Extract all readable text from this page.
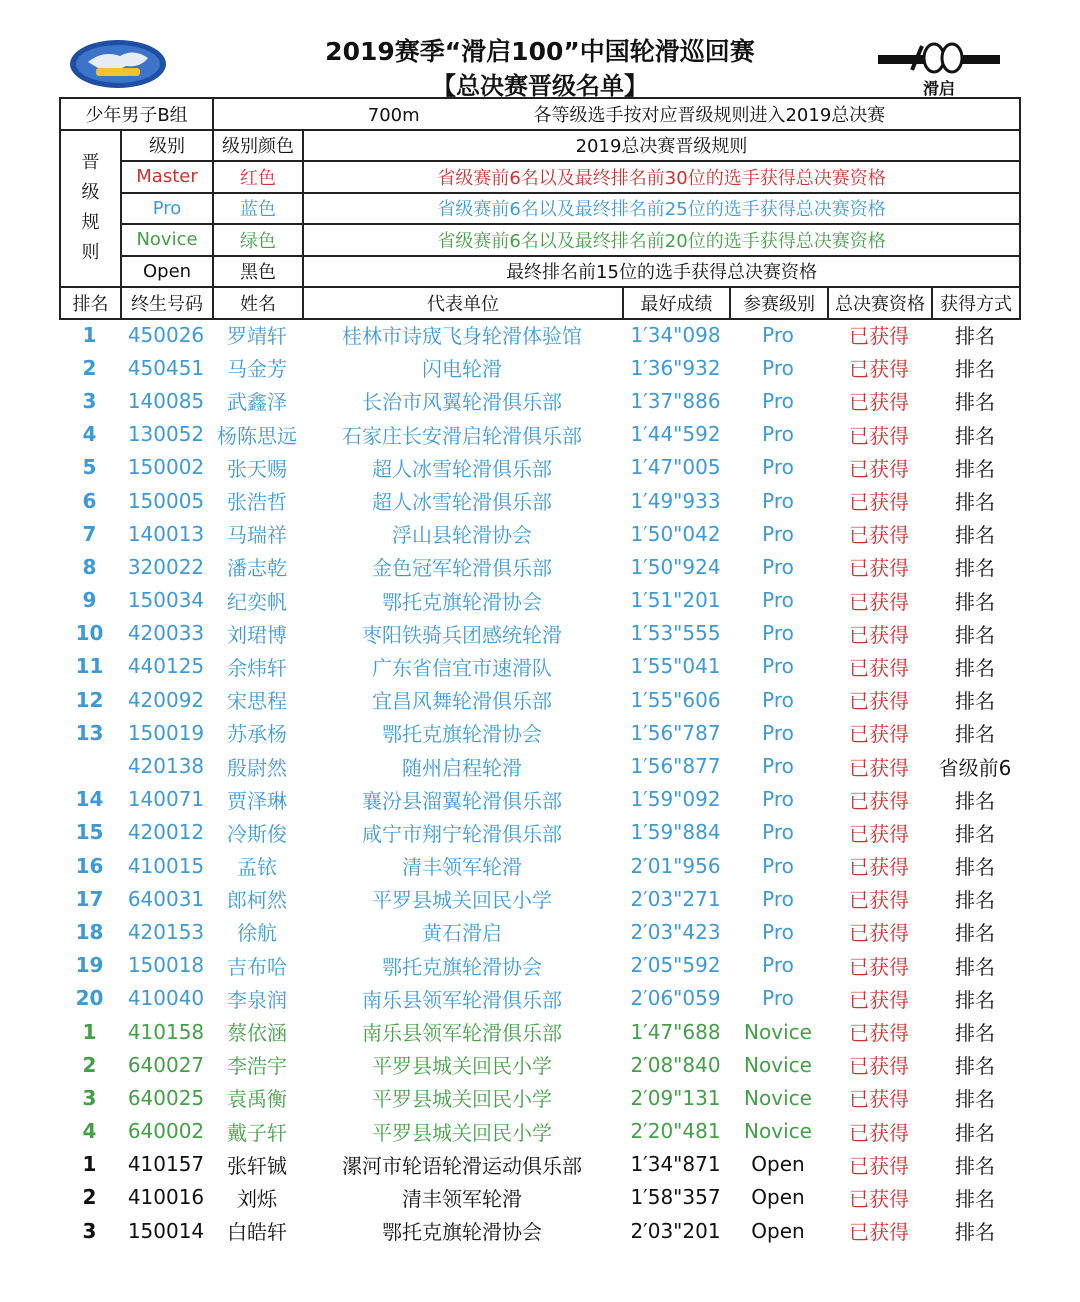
2019赛季“滑启100”中国轮滑巡回赛
【总决赛晋级名单】	滑启
少年男子B组		700m 各等级选手按对应晋级规则进入2019总决赛					

晋
级
规
则	级别	级别颜色	2019总决赛晋级规则				
	Master	红色	省级赛前6名以及最终排名前30位的选手获得总决赛资格				
	Pro	蓝色	省级赛前6名以及最终排名前25位的选手获得总决赛资格				
	Novice	绿色	省级赛前6名以及最终排名前20位的选手获得总决赛资格				
	Open	黑色	最终排名前15位的选手获得总决赛资格				
排名	终生号码	姓名	代表单位	最好成绩	参赛级别	总决赛资格	获得方式
1	450026	罗靖轩	桂林市诗宬飞身轮滑体验馆	1′34"098	Pro	已获得	排名
2	450451	马金芳	闪电轮滑	1′36"932	Pro	已获得	排名
3	140085	武鑫泽	长治市风翼轮滑俱乐部	1′37"886	Pro	已获得	排名
4	130052 杨陈思远	石家庄长安滑启轮滑俱乐部	1′44"592	Pro	已获得	排名
5	150002	张天赐	超人冰雪轮滑俱乐部	1′47"005	Pro	已获得	排名
6	150005	张浩哲	超人冰雪轮滑俱乐部	1′49"933	Pro	已获得	排名
7	140013	马瑞祥	浮山县轮滑协会	1′50"042	Pro	已获得	排名
8	320022	潘志乾	金色冠军轮滑俱乐部	1′50"924	Pro	已获得	排名
9	150034	纪奕帆	鄂托克旗轮滑协会	1′51"201	Pro	已获得	排名
10	420033	刘珺博	枣阳铁骑兵团感统轮滑	1′53"555	Pro	已获得	排名
11	440125	余炜轩	广东省信宜市速滑队	1′55"041	Pro	已获得	排名
12	420092	宋思程	宜昌风舞轮滑俱乐部	1′55"606	Pro	已获得	排名
13	150019	苏承杨	鄂托克旗轮滑协会	1′56"787	Pro	已获得	排名
420138	殷尉然	随州启程轮滑	1′56"877	Pro	已获得	省级前6
14	140071	贾泽琳	襄汾县溜翼轮滑俱乐部	1′59"092	Pro	已获得	排名
15	420012	冷斯俊	咸宁市翔宁轮滑俱乐部	1′59"884	Pro	已获得	排名
16	410015	孟铱	清丰领军轮滑	2′01"956	Pro	已获得	排名
17	640031	郎柯然	平罗县城关回民小学	2′03"271	Pro	已获得	排名
18	420153	徐航	黄石滑启	2′03"423	Pro	已获得	排名
19	150018	吉布哈	鄂托克旗轮滑协会	2′05"592	Pro	已获得	排名
20	410040	李泉润	南乐县领军轮滑俱乐部	2′06"059	Pro	已获得	排名
1	410158	蔡依涵	南乐县领军轮滑俱乐部	1′47"688	Novice	已获得	排名
2	640027	李浩宇	平罗县城关回民小学	2′08"840	Novice	已获得	排名
3	640025	袁禹衡	平罗县城关回民小学	2′09"131	Novice	已获得	排名
4	640002	戴子轩	平罗县城关回民小学	2′20"481	Novice	已获得	排名
1	410157	张轩铖	漯河市轮语轮滑运动俱乐部	1′34"871	Open	已获得	排名
2	410016	刘烁	清丰领军轮滑	1′58"357	Open	已获得	排名
3	150014	白皓轩	鄂托克旗轮滑协会	2′03"201	Open	已获得	排名
